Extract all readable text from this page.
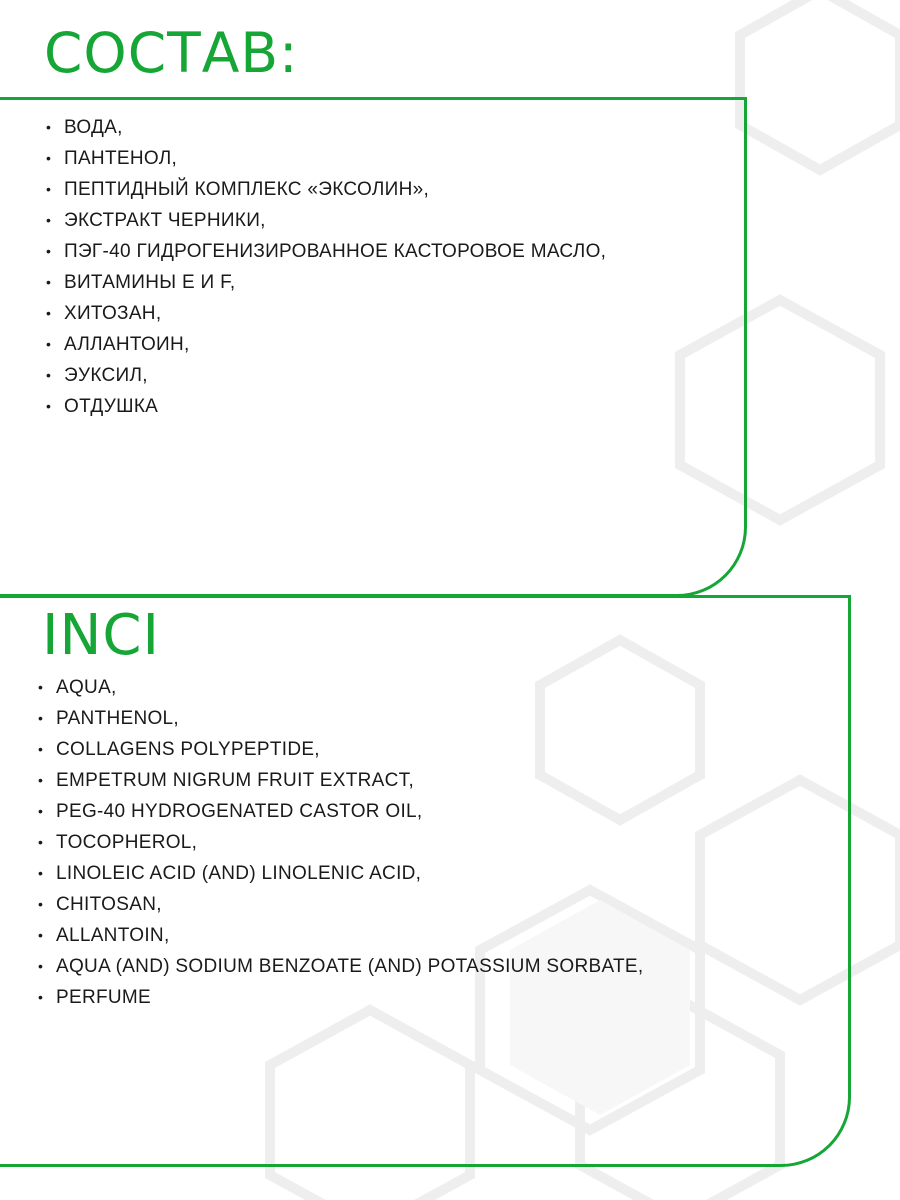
СОСТАВ:
• ВОДА,
• ПАНТЕНОЛ,
• ПЕПТИДНЫЙ КОМПЛЕКС «ЭКСОЛИН»,
• ЭКСТРАКТ ЧЕРНИКИ,
• ПЭГ-40 ГИДРОГЕНИЗИРОВАННОЕ КАСТОРОВОЕ МАСЛО,
• ВИТАМИНЫ Е И F,
• ХИТОЗАН,
• АЛЛАНТОИН,
• ЭУКСИЛ,
• ОТДУШКА
INCI
• AQUA,
• PANTHENOL,
• COLLAGENS POLYPEPTIDE,
• EMPETRUM NIGRUM FRUIT EXTRACT,
• PEG-40 HYDROGENATED CASTOR OIL,
• TOCOPHEROL,
• LINOLEIC ACID (AND) LINOLENIC ACID,
• CHITOSAN,
• ALLANTOIN,
• AQUA (AND) SODIUM BENZOATE (AND) POTASSIUM SORBATE,
• PERFUME
